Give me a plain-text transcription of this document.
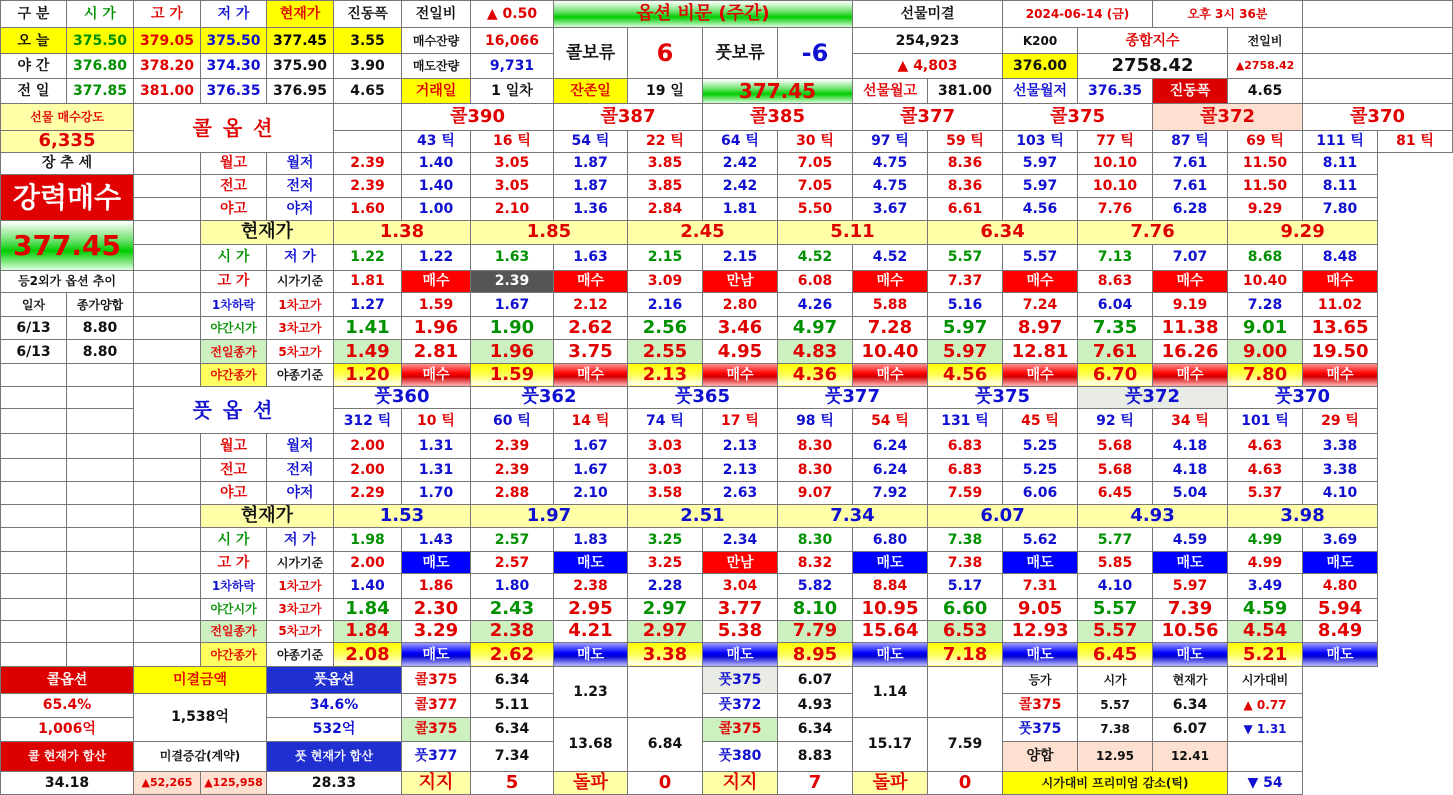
구 분	시 가	고 가	저 가	현재가	진동폭	전일비	▲ 0.50	옵션 비문 (주간)				선물미결		2024-06-14 (금)		오후 3시 36분			
오 늘	375.50	379.05	375.50	377.45	3.55	매수잔량	16,066	콜보류	6	풋보류	-6	254,923		K200	종합지수		전일비		
야 간	376.80	378.20	374.30	375.90	3.90	매도잔량	9,731					▲ 4,803		376.00	2758.42		▲2758.42		
전 일	377.85	381.00	376.35	376.95	4.65	거래일	1 일차	잔존일	19 일	377.45		선물월고	381.00	선물월저	376.35	진동폭	4.65		
선물 매수강도		콜 옵 션				콜390		콜387		콜385		콜377		콜375		콜372		콜370	
6,335						43 틱	16 틱	54 틱	22 틱	64 틱	30 틱	97 틱	59 틱	103 틱	77 틱	87 틱	69 틱	111 틱	81 틱
장 추 세			월고	월저	2.39	1.40	3.05	1.87	3.85	2.42	7.05	4.75	8.36	5.97	10.10	7.61	11.50	8.11	
강력매수			전고	전저	2.39	1.40	3.05	1.87	3.85	2.42	7.05	4.75	8.36	5.97	10.10	7.61	11.50	8.11	
			야고	야저	1.60	1.00	2.10	1.36	2.84	1.81	5.50	3.67	6.61	4.56	7.76	6.28	9.29	7.80	
377.45			현재가		1.38		1.85		2.45		5.11		6.34		7.76		9.29		
			시 가	저 가	1.22	1.22	1.63	1.63	2.15	2.15	4.52	4.52	5.57	5.57	7.13	7.07	8.68	8.48	
등2외가 옵션 추이			고 가	시가기준	1.81	매수	2.39	매수	3.09	만남	6.08	매수	7.37	매수	8.63	매수	10.40	매수	
일자	종가양합		1차하락	1차고가	1.27	1.59	1.67	2.12	2.16	2.80	4.26	5.88	5.16	7.24	6.04	9.19	7.28	11.02	
6/13	8.80		야간시가	3차고가	1.41	1.96	1.90	2.62	2.56	3.46	4.97	7.28	5.97	8.97	7.35	11.38	9.01	13.65	
6/13	8.80		전일종가	5차고가	1.49	2.81	1.96	3.75	2.55	4.95	4.83	10.40	5.97	12.81	7.61	16.26	9.00	19.50	
			야간종가	야종기준	1.20	매수	1.59	매수	2.13	매수	4.36	매수	4.56	매수	6.70	매수	7.80	매수	
		풋 옵 션			풋360		풋362		풋365		풋377		풋375		풋372		풋370		
					312 틱	10 틱	60 틱	14 틱	74 틱	17 틱	98 틱	54 틱	131 틱	45 틱	92 틱	34 틱	101 틱	29 틱	
			월고	월저	2.00	1.31	2.39	1.67	3.03	2.13	8.30	6.24	6.83	5.25	5.68	4.18	4.63	3.38	
			전고	전저	2.00	1.31	2.39	1.67	3.03	2.13	8.30	6.24	6.83	5.25	5.68	4.18	4.63	3.38	
			야고	야저	2.29	1.70	2.88	2.10	3.58	2.63	9.07	7.92	7.59	6.06	6.45	5.04	5.37	4.10	
			현재가		1.53		1.97		2.51		7.34		6.07		4.93		3.98		
			시 가	저 가	1.98	1.43	2.57	1.83	3.25	2.34	8.30	6.80	7.38	5.62	5.77	4.59	4.99	3.69	
			고 가	시가기준	2.00	매도	2.57	매도	3.25	만남	8.32	매도	7.38	매도	5.85	매도	4.99	매도	
			1차하락	1차고가	1.40	1.86	1.80	2.38	2.28	3.04	5.82	8.84	5.17	7.31	4.10	5.97	3.49	4.80	
			야간시가	3차고가	1.84	2.30	2.43	2.95	2.97	3.77	8.10	10.95	6.60	9.05	5.57	7.39	4.59	5.94	
			전일종가	5차고가	1.84	3.29	2.38	4.21	2.97	5.38	7.79	15.64	6.53	12.93	5.57	10.56	4.54	8.49	
			야간종가	야종기준	2.08	매도	2.62	매도	3.38	매도	8.95	매도	7.18	매도	6.45	매도	5.21	매도	
콜옵션		미결금액		풋옵션		콜375	6.34	1.23		풋375	6.07	1.14		등가	시가	현재가	시가대비		
65.4%		1,538억		34.6%		콜377	5.11			풋372	4.93			콜375	5.57	6.34	▲ 0.77		
1,006억				532억		콜375	6.34	13.68	6.84	콜375	6.34	15.17	7.59	풋375	7.38	6.07	▼ 1.31		
콜 현재가 합산		미결증감(계약)		풋 현재가 합산		풋377	7.34			풋380	8.83			양합	12.95	12.41			
34.18		▲52,265	▲125,958	28.33		지지	5	돌파	0	지지	7	돌파	0	시가대비 프리미엄 감소(틱)			▼ 54		
